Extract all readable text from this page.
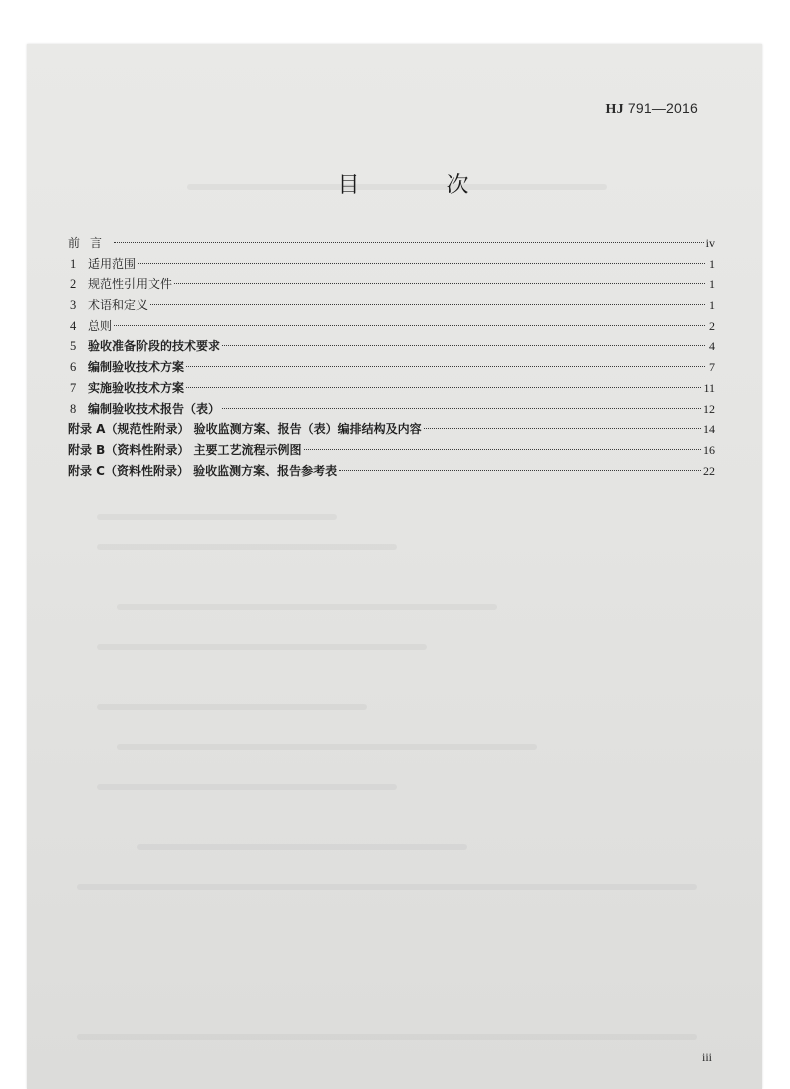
HJ 791—2016
目 次
前言	iv
1 适用范围	1
2 规范性引用文件	1
3 术语和定义	1
4 总则	2
5 验收准备阶段的技术要求	4
6 编制验收技术方案	7
7 实施验收技术方案	11
8 编制验收技术报告（表）	12
附录 A（规范性附录） 验收监测方案、报告（表）编排结构及内容	14
附录 B（资料性附录） 主要工艺流程示例图	16
附录 C（资料性附录） 验收监测方案、报告参考表	22
iii
